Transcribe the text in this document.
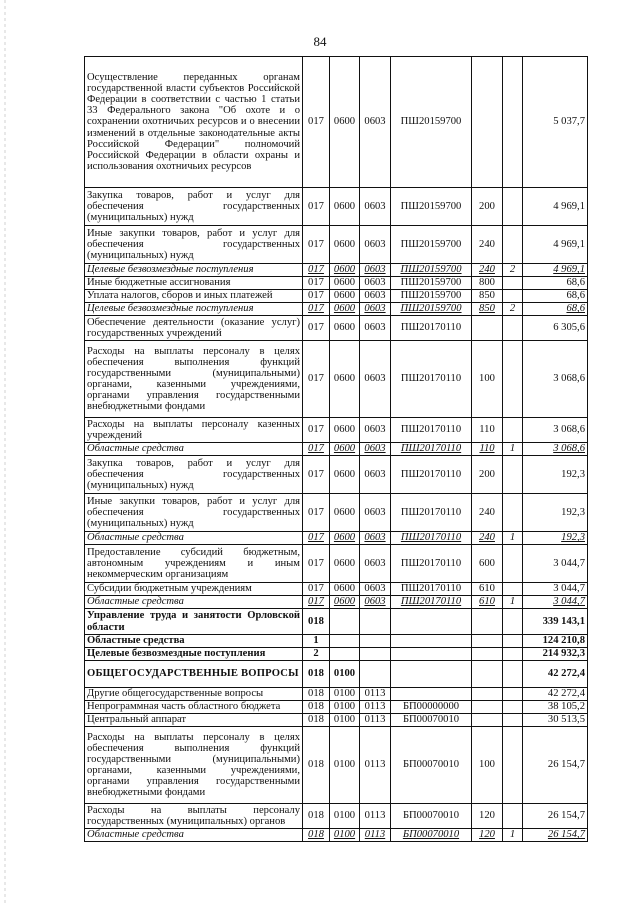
84
Осуществление переданных органам государственной власти субъектов Российской Федерации в соответствии с частью 1 статьи 33 Федерального закона "Об охоте и о сохранении охотничьих ресурсов и о внесении изменений в отдельные законодательные акты Российской Федерации" полномочий Российской Федерации в области охраны и использования охотничьих ресурсов	017	0600	0603	ПШ20159700			5 037,7
Закупка товаров, работ и услуг для обеспечения государственных (муниципальных) нужд	017	0600	0603	ПШ20159700	200		4 969,1
Иные закупки товаров, работ и услуг для обеспечения государственных (муниципальных) нужд	017	0600	0603	ПШ20159700	240		4 969,1
Целевые безвозмездные поступления	017	0600	0603	ПШ20159700	240	2	4 969,1
Иные бюджетные ассигнования	017	0600	0603	ПШ20159700	800		68,6
Уплата налогов, сборов и иных платежей	017	0600	0603	ПШ20159700	850		68,6
Целевые безвозмездные поступления	017	0600	0603	ПШ20159700	850	2	68,6
Обеспечение деятельности (оказание услуг) государственных учреждений	017	0600	0603	ПШ20170110			6 305,6
Расходы на выплаты персоналу в целях обеспечения выполнения функций государственными (муниципальными) органами, казенными учреждениями, органами управления государственными внебюджетными фондами	017	0600	0603	ПШ20170110	100		3 068,6
Расходы на выплаты персоналу казенных учреждений	017	0600	0603	ПШ20170110	110		3 068,6
Областные средства	017	0600	0603	ПШ20170110	110	1	3 068,6
Закупка товаров, работ и услуг для обеспечения государственных (муниципальных) нужд	017	0600	0603	ПШ20170110	200		192,3
Иные закупки товаров, работ и услуг для обеспечения государственных (муниципальных) нужд	017	0600	0603	ПШ20170110	240		192,3
Областные средства	017	0600	0603	ПШ20170110	240	1	192,3
Предоставление субсидий бюджетным, автономным учреждениям и иным некоммерческим организациям	017	0600	0603	ПШ20170110	600		3 044,7
Субсидии бюджетным учреждениям	017	0600	0603	ПШ20170110	610		3 044,7
Областные средства	017	0600	0603	ПШ20170110	610	1	3 044,7
Управление труда и занятости Орловской области	018						339 143,1
Областные средства	1						124 210,8
Целевые безвозмездные поступления	2						214 932,3
ОБЩЕГОСУДАРСТВЕННЫЕ ВОПРОСЫ	018	0100					42 272,4
Другие общегосударственные вопросы	018	0100	0113				42 272,4
Непрограммная часть областного бюджета	018	0100	0113	БП00000000			38 105,2
Центральный аппарат	018	0100	0113	БП00070010			30 513,5
Расходы на выплаты персоналу в целях обеспечения выполнения функций государственными (муниципальными) органами, казенными учреждениями, органами управления государственными внебюджетными фондами	018	0100	0113	БП00070010	100		26 154,7
Расходы на выплаты персоналу государственных (муниципальных) органов	018	0100	0113	БП00070010	120		26 154,7
Областные средства	018	0100	0113	БП00070010	120	1	26 154,7
